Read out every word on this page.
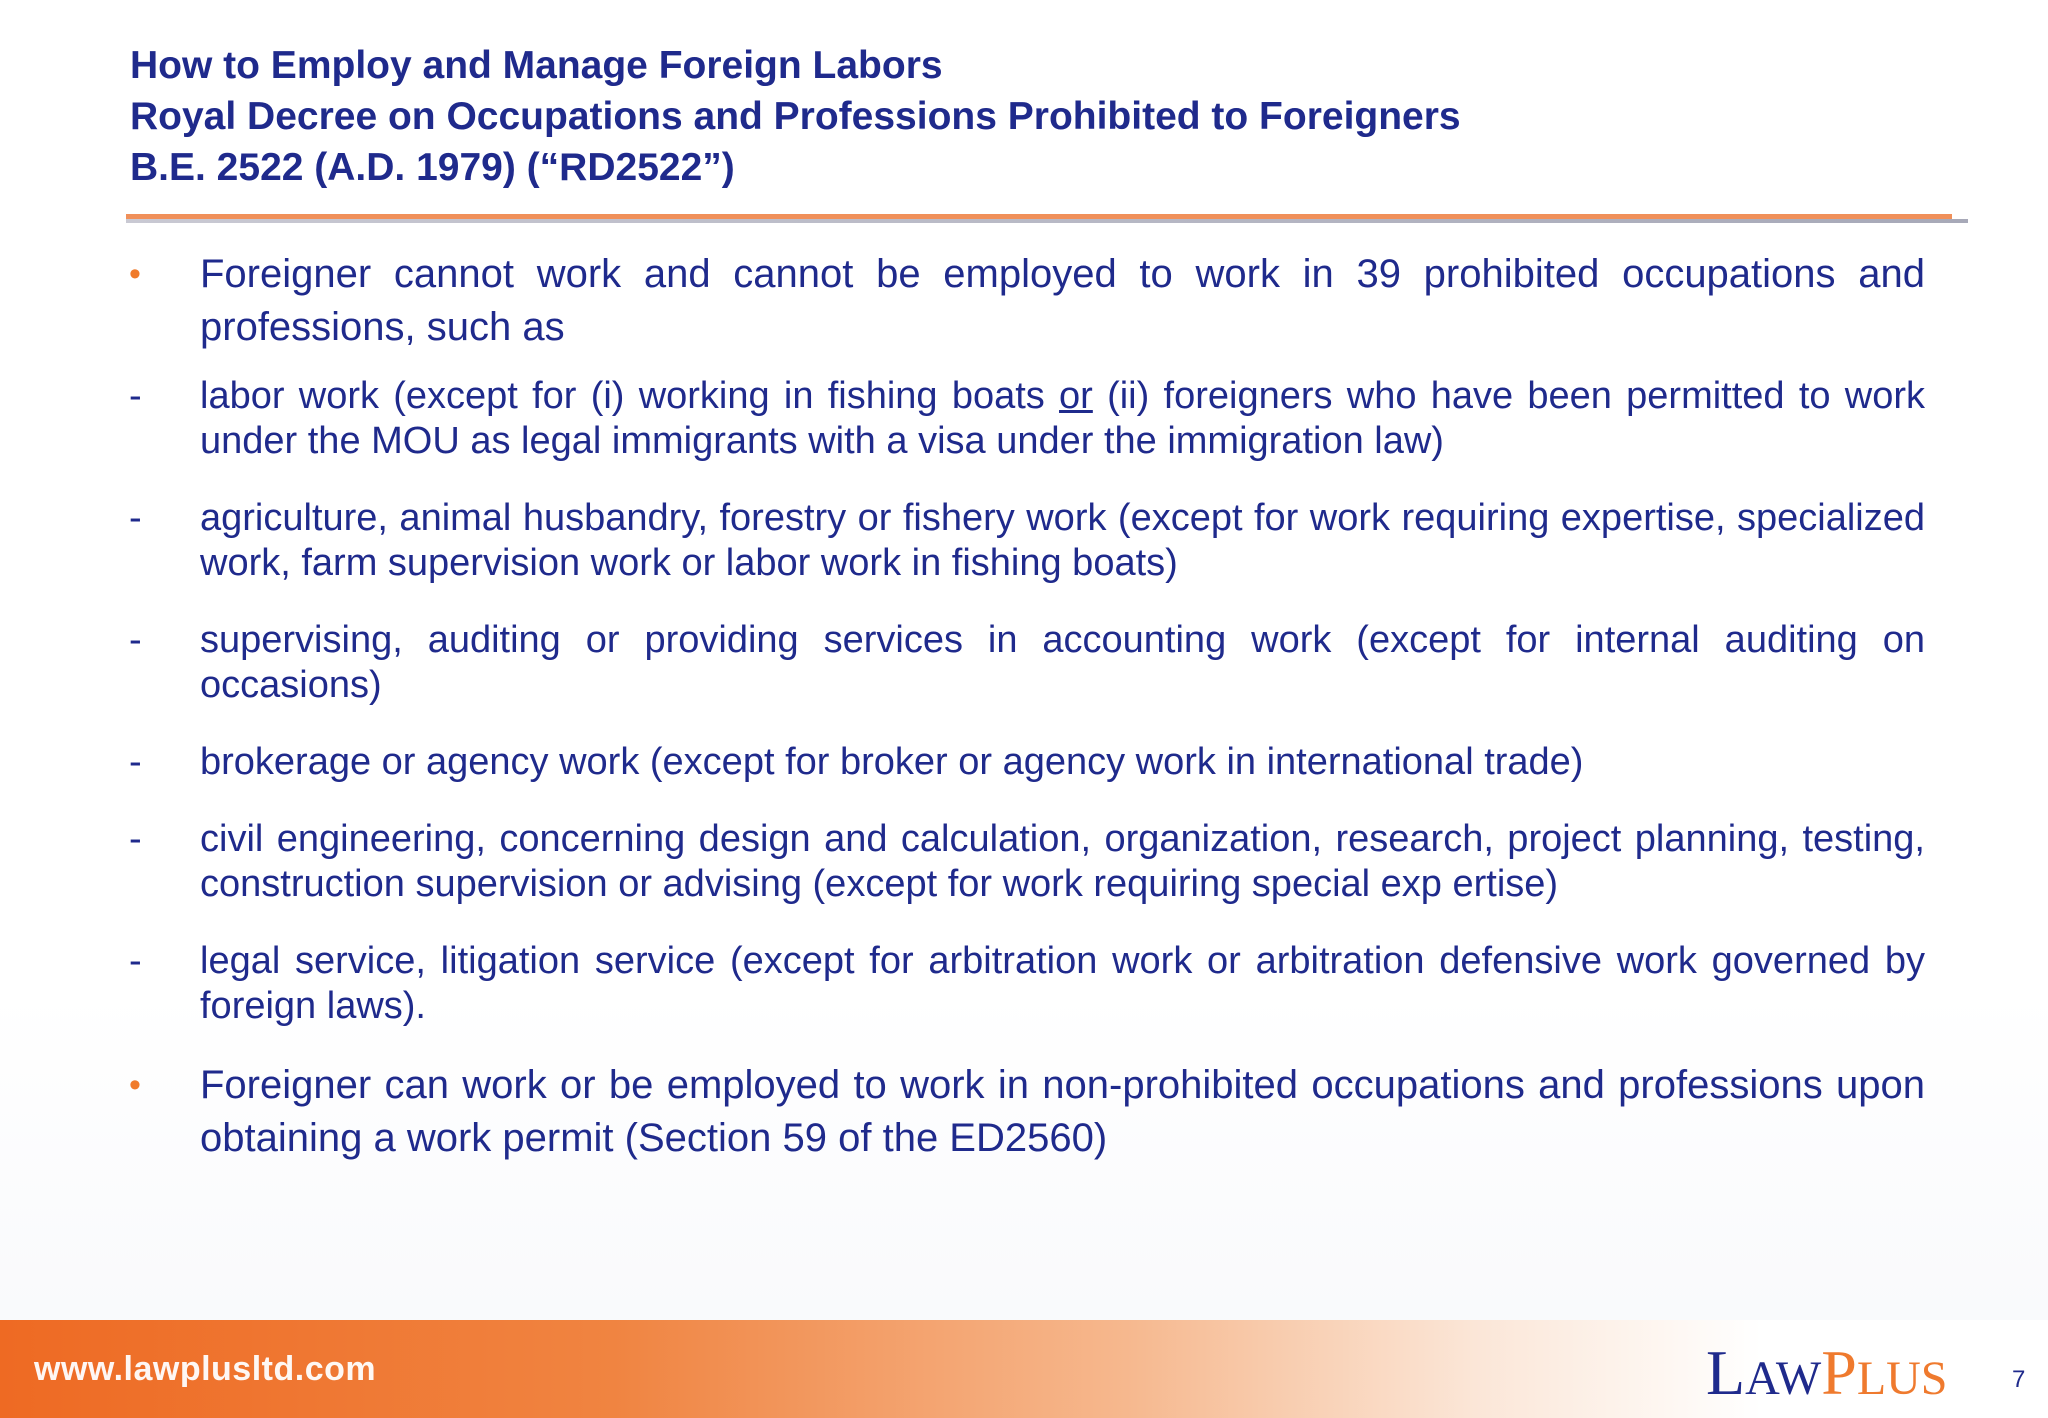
How to Employ and Manage Foreign Labors
Royal Decree on Occupations and Professions Prohibited to Foreigners
B.E. 2522 (A.D. 1979) (“RD2522”)
•	Foreigner cannot work and cannot be employed to work in 39 prohibited occupations and professions, such as
-	labor work (except for (i) working in fishing boats or (ii) foreigners who have been permitted to work under the MOU as legal immigrants with a visa under the immigration law)
-	agriculture, animal husbandry, forestry or fishery work (except for work requiring expertise, specialized work, farm supervision work or labor work in fishing boats)
-	supervising, auditing or providing services in accounting work (except for internal auditing on occasions)
-	brokerage or agency work (except for broker or agency work in international trade)
-	civil engineering, concerning design and calculation, organization, research, project planning, testing, construction supervision or advising (except for work requiring special exp ertise)
-	legal service, litigation service (except for arbitration work or arbitration defensive work governed by foreign laws).
•	Foreigner can work or be employed to work in non-prohibited occupations and professions upon obtaining a work permit (Section 59 of the ED2560)
www.lawplusltd.com	LAWPLUS	7
